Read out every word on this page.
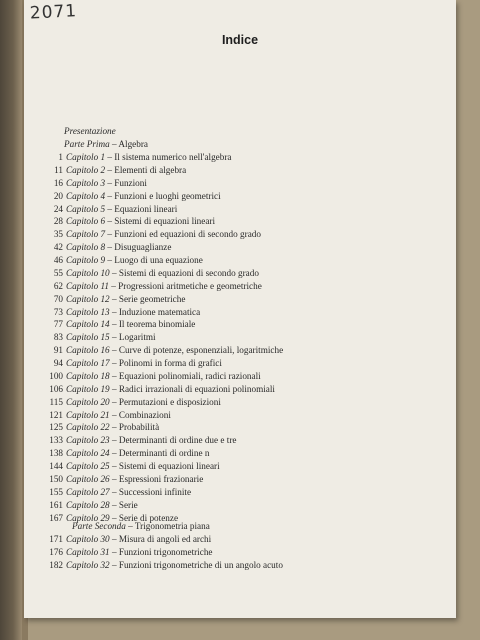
2071
Indice
Presentazione
Parte Prima – Algebra
1 Capitolo 1 – Il sistema numerico nell'algebra
11 Capitolo 2 – Elementi di algebra
16 Capitolo 3 – Funzioni
20 Capitolo 4 – Funzioni e luoghi geometrici
24 Capitolo 5 – Equazioni lineari
28 Capitolo 6 – Sistemi di equazioni lineari
35 Capitolo 7 – Funzioni ed equazioni di secondo grado
42 Capitolo 8 – Disuguaglianze
46 Capitolo 9 – Luogo di una equazione
55 Capitolo 10 – Sistemi di equazioni di secondo grado
62 Capitolo 11 – Progressioni aritmetiche e geometriche
70 Capitolo 12 – Serie geometriche
73 Capitolo 13 – Induzione matematica
77 Capitolo 14 – Il teorema binomiale
83 Capitolo 15 – Logaritmi
91 Capitolo 16 – Curve di potenze, esponenziali, logaritmiche
94 Capitolo 17 – Polinomi in forma di grafici
100 Capitolo 18 – Equazioni polinomiali, radici razionali
106 Capitolo 19 – Radici irrazionali di equazioni polinomiali
115 Capitolo 20 – Permutazioni e disposizioni
121 Capitolo 21 – Combinazioni
125 Capitolo 22 – Probabilità
133 Capitolo 23 – Determinanti di ordine due e tre
138 Capitolo 24 – Determinanti di ordine n
144 Capitolo 25 – Sistemi di equazioni lineari
150 Capitolo 26 – Espressioni frazionarie
155 Capitolo 27 – Successioni infinite
161 Capitolo 28 – Serie
167 Capitolo 29 – Serie di potenze
Parte Seconda – Trigonometria piana
171 Capitolo 30 – Misura di angoli ed archi
176 Capitolo 31 – Funzioni trigonometriche
182 Capitolo 32 – Funzioni trigonometriche di un angolo acuto
